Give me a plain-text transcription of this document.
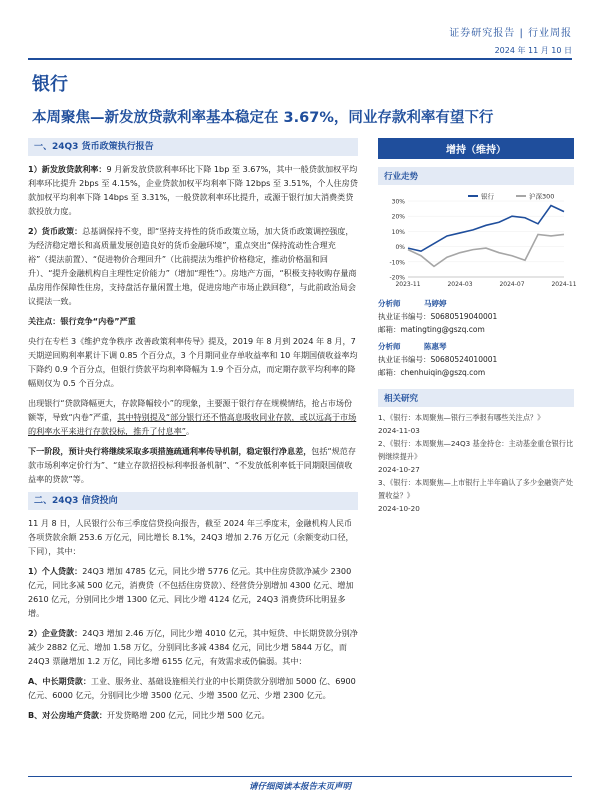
证券研究报告 | 行业周报
2024 年 11 月 10 日
银行
本周聚焦—新发放贷款利率基本稳定在 3.67%，同业存款利率有望下行
一、24Q3 货币政策执行报告

1）新发放贷款利率：9 月新发放贷款利率环比下降 1bp 至 3.67%，其中一般贷款加权平均利率环比提升 2bps 至 4.15%，企业贷款加权平均利率下降 12bps 至 3.51%，个人住房贷款加权平均利率下降 14bps 至 3.31%，一般贷款利率环比提升，或源于银行加大消费类贷款投放力度。

2）货币政策：总基调保持不变，即“坚持支持性的货币政策立场，加大货币政策调控强度，为经济稳定增长和高质量发展创造良好的货币金融环境”，重点突出“保持流动性合理充裕”（提法前置）、“促进物价合理回升”（比前提法为维护价格稳定，推动价格温和回升）、“提升金融机构自主理性定价能力”（增加“理性”）。房地产方面，“积极支持收购存量商品房用作保障性住房，支持盘活存量闲置土地，促进房地产市场止跌回稳”，与此前政治局会议提法一致。

关注点：银行竞争“内卷”严重

央行在专栏 3《维护竞争秩序 改善政策利率传导》提及，2019 年 8 月到 2024 年 8 月，7 天期逆回购利率累计下调 0.85 个百分点，3 个月期同业存单收益率和 10 年期国债收益率均下降约 0.9 个百分点，但银行贷款平均利率降幅为 1.9 个百分点，而定期存款平均利率的降幅则仅为 0.5 个百分点。

出现银行“贷款降幅更大，存款降幅较小”的现象，主要源于银行存在规模情结，抢占市场份额等，导致“内卷”严重，其中特别提及“部分银行还不惜高息吸收同业存款，或以远高于市场的利率水平来进行存款投标，推升了付息率”。

下一阶段，预计央行将继续采取多项措施疏通利率传导机制，稳定银行净息差，包括“规范存款市场利率定价行为”、“建立存款招投标利率报备机制”、“不发放低利率低于同期限国债收益率的贷款”等。

二、24Q3 信贷投向

11 月 8 日，人民银行公布三季度信贷投向报告，截至 2024 年三季度末，金融机构人民币各项贷款余额 253.6 万亿元，同比增长 8.1%，24Q3 增加 2.76 万亿元（余额变动口径，下同），其中：

1）个人贷款：24Q3 增加 4785 亿元，同比少增 5776 亿元。其中住房贷款净减少 2300 亿元，同比多减 500 亿元，消费贷（不包括住房贷款）、经营贷分别增加 4300 亿元、增加 2610 亿元，分别同比少增 1300 亿元、同比少增 4124 亿元，24Q3 消费贷环比明显多增。

2）企业贷款：24Q3 增加 2.46 万亿，同比少增 4010 亿元，其中短贷、中长期贷款分别净减少 2882 亿元、增加 1.58 万亿，分别同比多减 4384 亿元，同比少增 5844 万亿，而 24Q3 票融增加 1.2 万亿，同比多增 6155 亿元，有效需求或仍偏弱。其中：

A、中长期贷款：工业、服务业、基础设施相关行业的中长期贷款分别增加 5000 亿、6900 亿元、6000 亿元，分别同比少增 3500 亿元、少增 3500 亿元、少增 2300 亿元。

B、对公房地产贷款：开发贷略增 200 亿元，同比少增 500 亿元。

增持（维持）
行业走势
30%
20%
10%
0%
-10%
-20%
2023-11	2024-03	2024-07	2024-11
银行	沪深300
分析师	马婷婷
执业证书编号：S0680519040001
邮箱：matingting@gszq.com
分析师	陈惠琴
执业证书编号：S0680524010001
邮箱：chenhuiqin@gszq.com
相关研究
1、《银行：本周聚焦—银行三季报有哪些关注点？》
2024-11-03
2、《银行：本周聚焦—24Q3 基金持仓：主动基金重仓银行比例继续提升》
2024-10-27
3、《银行：本周聚焦—上市银行上半年确认了多少金融资产处置收益？》
2024-10-20
请仔细阅读本报告末页声明
